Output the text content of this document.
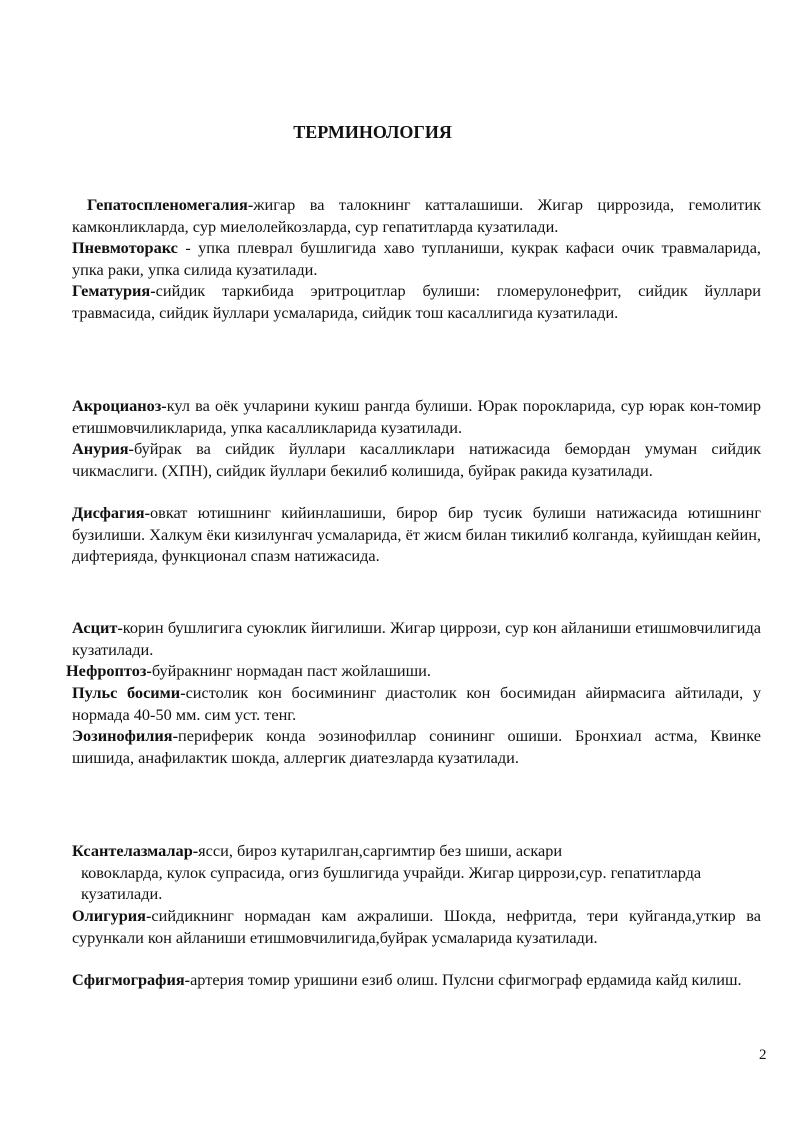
ТЕРМИНОЛОГИЯ

Гепатоспленомегалия-жигар ва талокнинг катталашиши. Жигар циррозида, гемолитик камконликларда, сур миелолейкозларда, сур гепатитларда кузатилади.

Пневмоторакс - упка плеврал бушлигида хаво тупланиши, кукрак кафаси очик травмаларида, упка раки, упка силида кузатилади.

Гематурия-сийдик таркибида эритроцитлар булиши: гломерулонефрит, сийдик йуллари травмасида, сийдик йуллари усмаларида, сийдик тош касаллигида кузатилади.

Акроцианоз-кул ва оёк учларини кукиш рангда булиши. Юрак порокларида, сур юрак кон-томир етишмовчиликларида, упка касалликларида кузатилади.

Анурия-буйрак ва сийдик йуллари касалликлари натижасида бемордан умуман сийдик чикмаслиги. (ХПН), сийдик йуллари бекилиб колишида, буйрак ракида кузатилади.

Дисфагия-овкат ютишнинг кийинлашиши, бирор бир тусик булиши натижасида ютишнинг бузилиши. Халкум ёки кизилунгач усмаларида, ёт жисм билан тикилиб колганда, куйишдан кейин, дифтерияда, функционал спазм натижасида.

Асцит-корин бушлигига суюклик йигилиши. Жигар циррози, сур кон айланиши етишмовчилигида кузатилади.

Нефроптоз-буйракнинг нормадан паст жойлашиши.

Пульс босими-систолик кон босимининг диастолик кон босимидан айирмасига айтилади, у нормада 40-50 мм. сим уст. тенг.

Эозинофилия-периферик конда эозинофиллар сонининг ошиши. Бронхиал астма, Квинке шишида, анафилактик шокда, аллергик диатезларда кузатилади.

Ксантелазмалар-ясси, бироз кутарилган,саргимтир без шиши, аскари
ковокларда, кулок супрасида, огиз бушлигида учрайди. Жигар циррози,сур. гепатитларда кузатилади.

Олигурия-сийдикнинг нормадан кам ажралиши. Шокда, нефритда, тери куйганда,уткир ва сурункали кон айланиши етишмовчилигида,буйрак усмаларида кузатилади.

Сфигмография-артерия томир уришини езиб олиш. Пулсни сфигмограф ердамида кайд килиш.

2
